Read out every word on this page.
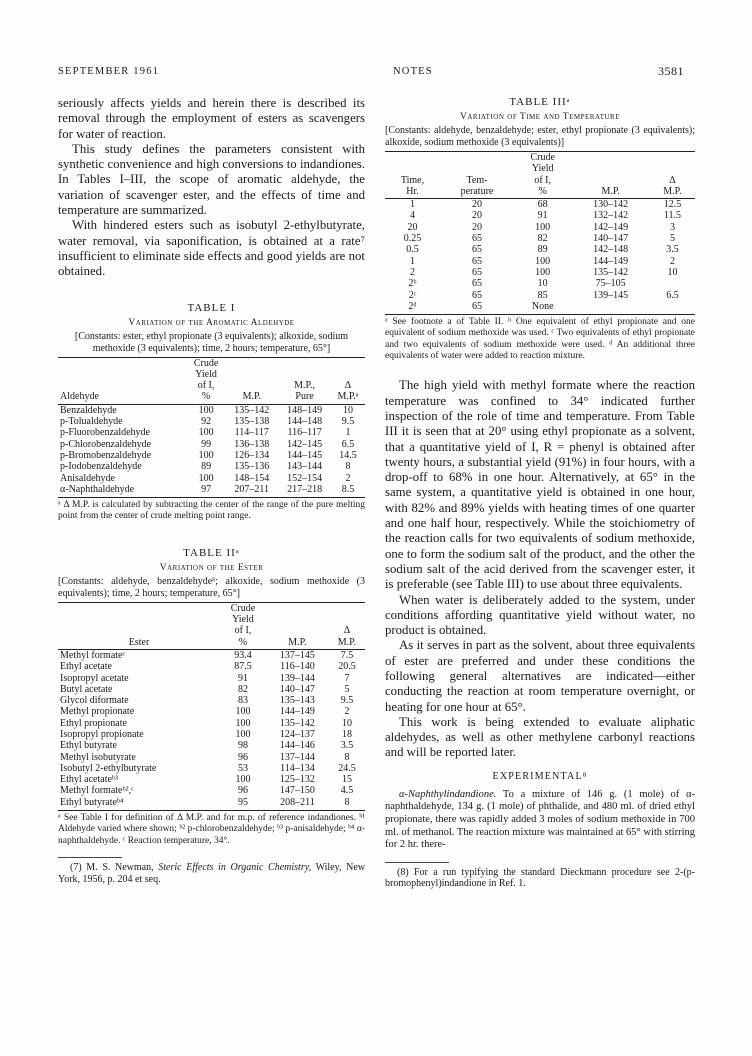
SEPTEMBER 1961	NOTES	3581

seriously affects yields and herein there is described its removal through the employment of esters as scavengers for water of reaction.

This study defines the parameters consistent with synthetic convenience and high conversions to indandiones. In Tables I–III, the scope of aromatic aldehyde, the variation of scavenger ester, and the effects of time and temperature are summarized.

With hindered esters such as isobutyl 2-ethylbutyrate, water removal, via saponification, is obtained at a rate⁷ insufficient to eliminate side effects and good yields are not obtained.

TABLE I

Variation of the Aromatic Aldehyde

[Constants: ester, ethyl propionate (3 equivalents); alkoxide, sodium methoxide (3 equivalents); time, 2 hours; temperature, 65°]

Aldehyde	Crude
Yield
of I,
%	M.P.	M.P.,
Pure	Δ
M.P.ᵃ
Benzaldehyde	100	135–142	148–149	10
p-Tolualdehyde	92	135–138	144–148	9.5
p-Fluorobenzaldehyde	100	114–117	116–117	1
p-Chlorobenzaldehyde	99	136–138	142–145	6.5
p-Bromobenzaldehyde	100	126–134	144–145	14.5
p-Iodobenzaldehyde	89	135–136	143–144	8
Anisaldehyde	100	148–154	152–154	2
α-Naphthaldehyde	97	207–211	217–218	8.5

ᵃ Δ M.P. is calculated by subtracting the center of the range of the pure melting point from the center of crude melting point range.

TABLE IIᵃ

Variation of the Ester

[Constants: aldehyde, benzaldehydeᵇ; alkoxide, sodium methoxide (3 equivalents); time, 2 hours; temperature, 65°]

Ester	Crude
Yield
of I,
%	M.P.	Δ
M.P.
Methyl formateᶜ	93.4	137–145	7.5
Ethyl acetate	87.5	116–140	20.5
Isopropyl acetate	91	139–144	7
Butyl acetate	82	140–147	5
Glycol diformate	83	135–143	9.5
Methyl propionate	100	144–149	2
Ethyl propionate	100	135–142	10
Isopropyl propionate	100	124–137	18
Ethyl butyrate	98	144–146	3.5
Methyl isobutyrate	96	137–144	8
Isobutyl 2-ethylbutyrate	53	114–134	24.5
Ethyl acetateᵇ³	100	125–132	15
Methyl formateᵇ²,ᶜ	96	147–150	4.5
Ethyl butyrateᵇ⁴	95	208–211	8

ᵃ See Table I for definition of Δ M.P. and for m.p. of reference indandiones. ᵇ¹ Aldehyde varied where shown; ᵇ² p-chlorobenzaldehyde; ᵇ³ p-anisaldehyde; ᵇ⁴ α-naphthaldehyde. ᶜ Reaction temperature, 34°.

(7) M. S. Newman, Steric Effects in Organic Chemistry, Wiley, New York, 1956, p. 204 et seq.

TABLE IIIᵃ

Variation of Time and Temperature

[Constants: aldehyde, benzaldehyde; ester, ethyl propionate (3 equivalents); alkoxide, sodium methoxide (3 equivalents)]

Time,
Hr.	Tem-
perature	Crude
Yield
of I,
%	M.P.	Δ
M.P.
1	20	68	130–142	12.5
4	20	91	132–142	11.5
20	20	100	142–149	3
0.25	65	82	140–147	5
0.5	65	89	142–148	3.5
1	65	100	144–149	2
2	65	100	135–142	10
2ᵇ	65	10	75–105	
2ᶜ	65	85	139–145	6.5
2ᵈ	65	None		

ᵃ See footnote a of Table II. ᵇ One equivalent of ethyl propionate and one equivalent of sodium methoxide was used. ᶜ Two equivalents of ethyl propionate and two equivalents of sodium methoxide were used. ᵈ An additional three equivalents of water were added to reaction mixture.

The high yield with methyl formate where the reaction temperature was confined to 34° indicated further inspection of the role of time and temperature. From Table III it is seen that at 20° using ethyl propionate as a solvent, that a quantitative yield of I, R = phenyl is obtained after twenty hours, a substantial yield (91%) in four hours, with a drop-off to 68% in one hour. Alternatively, at 65° in the same system, a quantitative yield is obtained in one hour, with 82% and 89% yields with heating times of one quarter and one half hour, respectively. While the stoichiometry of the reaction calls for two equivalents of sodium methoxide, one to form the sodium salt of the product, and the other the sodium salt of the acid derived from the scavenger ester, it is preferable (see Table III) to use about three equivalents.

When water is deliberately added to the system, under conditions affording quantitative yield without water, no product is obtained.

As it serves in part as the solvent, about three equivalents of ester are preferred and under these conditions the following general alternatives are indicated—either conducting the reaction at room temperature overnight, or heating for one hour at 65°.

This work is being extended to evaluate aliphatic aldehydes, as well as other methylene carbonyl reactions and will be reported later.

EXPERIMENTAL⁸

α-Naphthylindandione. To a mixture of 146 g. (1 mole) of α-naphthaldehyde, 134 g. (1 mole) of phthalide, and 480 ml. of dried ethyl propionate, there was rapidly added 3 moles of sodium methoxide in 700 ml. of methanol. The reaction mixture was maintained at 65° with stirring for 2 hr. there-

(8) For a run typifying the standard Dieckmann procedure see 2-(p-bromophenyl)indandione in Ref. 1.
